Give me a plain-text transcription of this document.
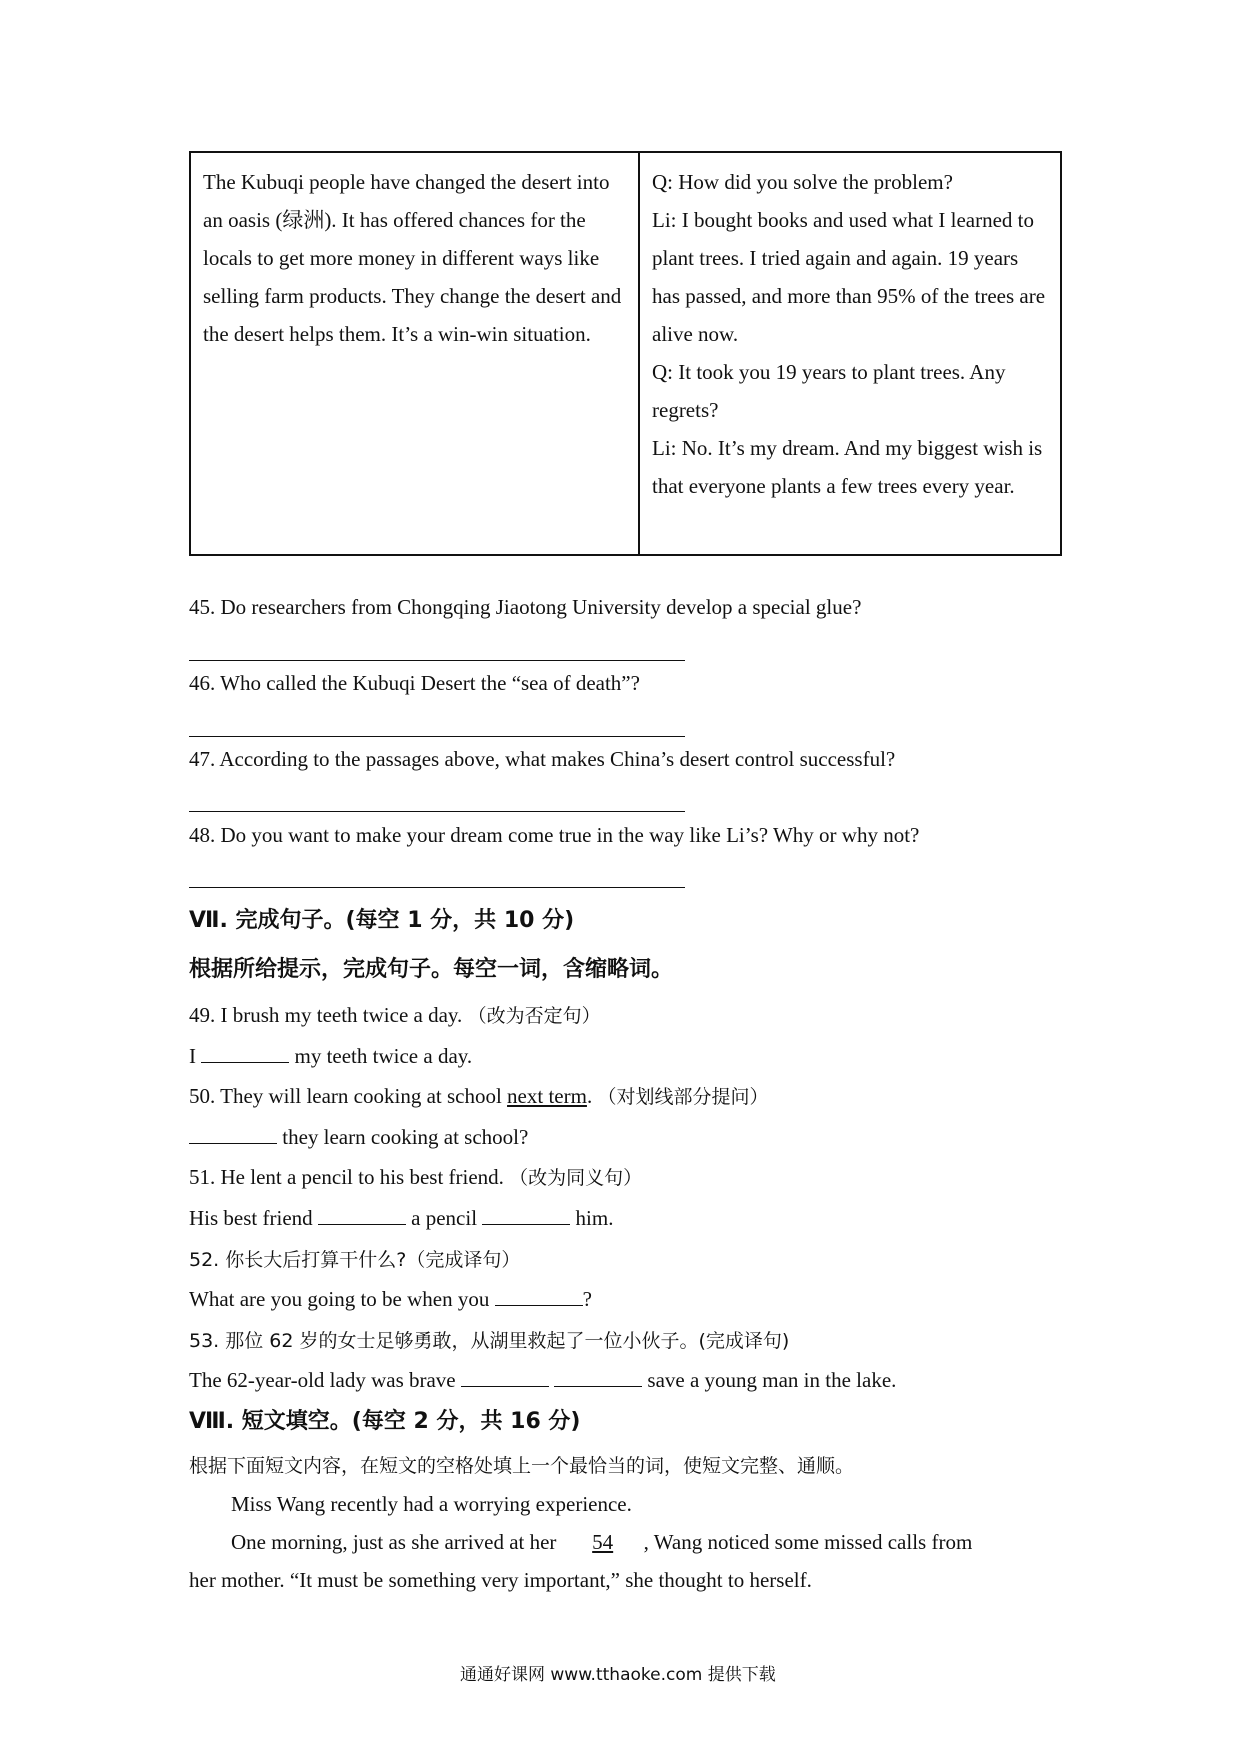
The Kubuqi people have changed the desert into an oasis (绿洲). It has offered chances for the locals to get more money in different ways like selling farm products. They change the desert and the desert helps them. It’s a win-win situation.

Q: How did you solve the problem?

Li: I bought books and used what I learned to plant trees. I tried again and again. 19 years has passed, and more than 95% of the trees are alive now.

Q: It took you 19 years to plant trees. Any regrets?

Li: No. It’s my dream. And my biggest wish is that everyone plants a few trees every year.

45. Do researchers from Chongqing Jiaotong University develop a special glue?
46. Who called the Kubuqi Desert the “sea of death”?
47. According to the passages above, what makes China’s desert control successful?
48. Do you want to make your dream come true in the way like Li’s? Why or why not?
Ⅶ. 完成句子。(每空 1 分，共 10 分)
根据所给提示，完成句子。每空一词，含缩略词。
49. I brush my teeth twice a day. （改为否定句）
I	my teeth twice a day.
50. They will learn cooking at school next term. （对划线部分提问）
they learn cooking at school?
51. He lent a pencil to his best friend. （改为同义句）
His best friend	a pencil	him.
52. 你长大后打算干什么?（完成译句）
What are you going to be when you	?
53. 那位 62 岁的女士足够勇敢，从湖里救起了一位小伙子。(完成译句)
The 62-year-old lady was brave	save a young man in the lake.
Ⅷ. 短文填空。(每空 2 分，共 16 分)
根据下面短文内容，在短文的空格处填上一个最恰当的词，使短文完整、通顺。
Miss Wang recently had a worrying experience.
One morning, just as she arrived at her 54 , Wang noticed some missed calls from
her mother. “It must be something very important,” she thought to herself.
通通好课网 www.tthaoke.com 提供下载
